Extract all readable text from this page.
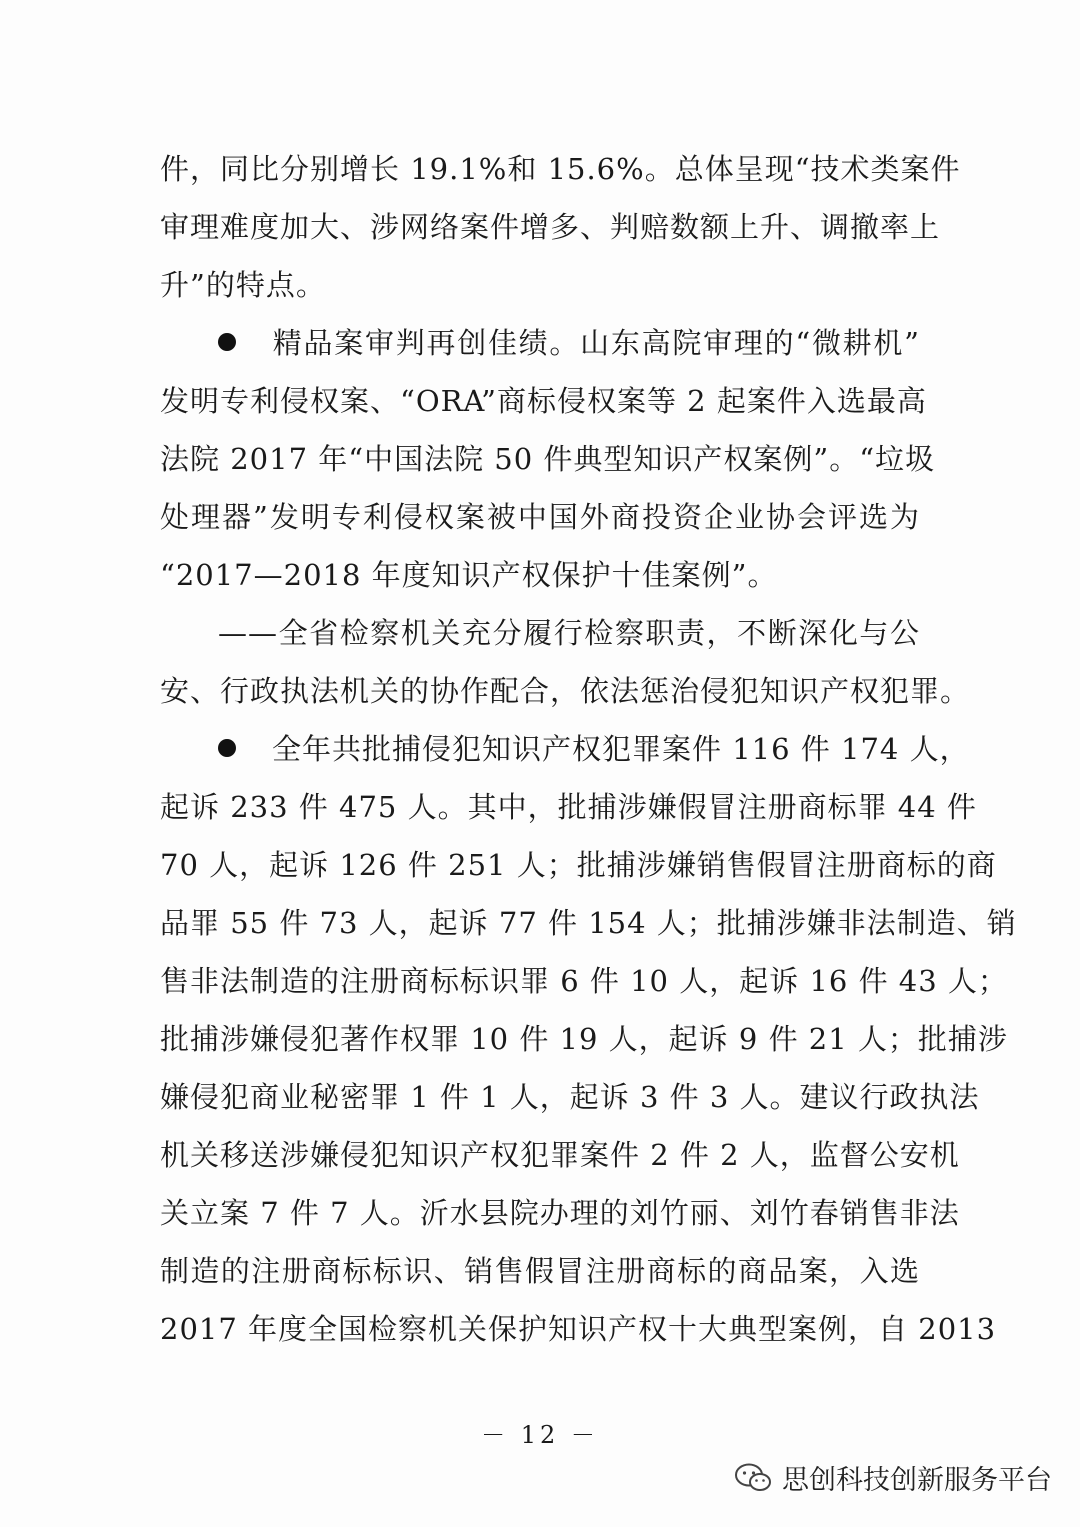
件，同比分别增长 19.1%和 15.6%。总体呈现“技术类案件
审理难度加大、涉网络案件增多、判赔数额上升、调撤率上
升”的特点。
精品案审判再创佳绩。山东高院审理的“微耕机”
发明专利侵权案、“ORA”商标侵权案等 2 起案件入选最高
法院 2017 年“中国法院 50 件典型知识产权案例”。“垃圾
处理器”发明专利侵权案被中国外商投资企业协会评选为
“2017—2018 年度知识产权保护十佳案例”。
——全省检察机关充分履行检察职责，不断深化与公
安、行政执法机关的协作配合，依法惩治侵犯知识产权犯罪。
全年共批捕侵犯知识产权犯罪案件 116 件 174 人，
起诉 233 件 475 人。其中，批捕涉嫌假冒注册商标罪 44 件
70 人，起诉 126 件 251 人；批捕涉嫌销售假冒注册商标的商
品罪 55 件 73 人，起诉 77 件 154 人；批捕涉嫌非法制造、销
售非法制造的注册商标标识罪 6 件 10 人，起诉 16 件 43 人；
批捕涉嫌侵犯著作权罪 10 件 19 人，起诉 9 件 21 人；批捕涉
嫌侵犯商业秘密罪 1 件 1 人，起诉 3 件 3 人。建议行政执法
机关移送涉嫌侵犯知识产权犯罪案件 2 件 2 人，监督公安机
关立案 7 件 7 人。沂水县院办理的刘竹丽、刘竹春销售非法
制造的注册商标标识、销售假冒注册商标的商品案，入选
2017 年度全国检察机关保护知识产权十大典型案例，自 2013
－ 12 －
思创科技创新服务平台
